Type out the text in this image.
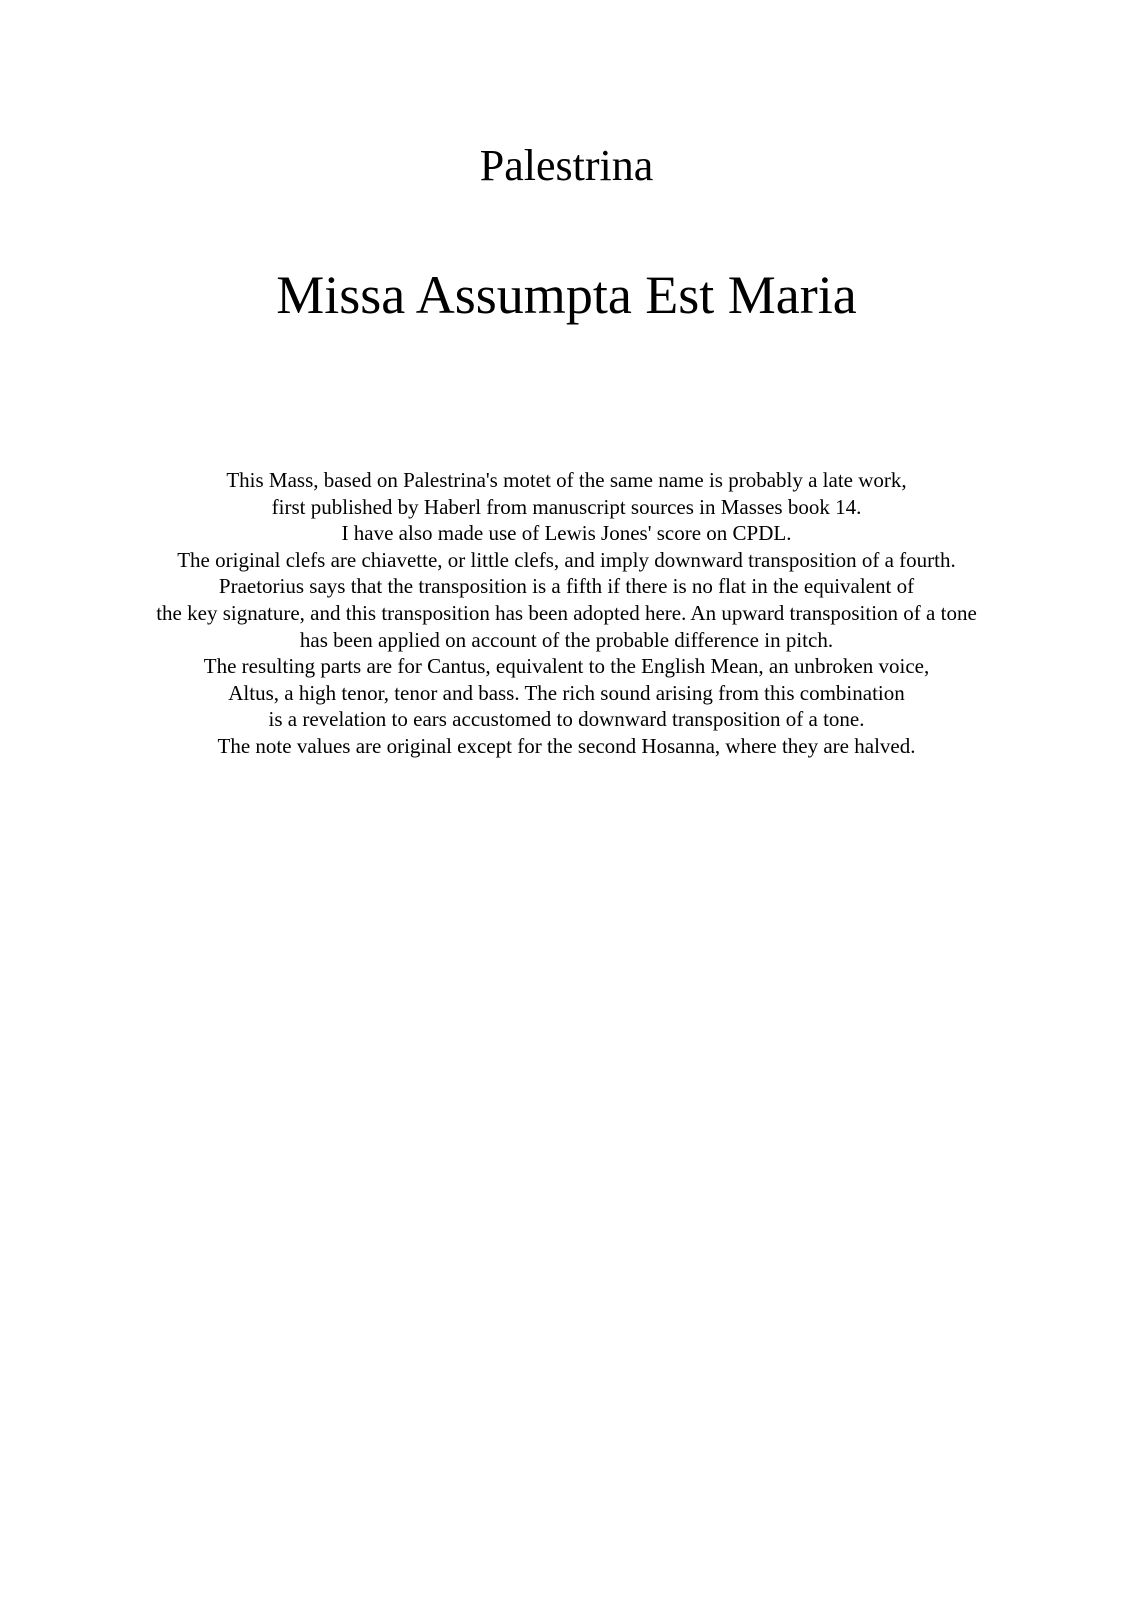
Palestrina
Missa Assumpta Est Maria
This Mass, based on Palestrina's motet of the same name is probably a late work,
first published by Haberl from manuscript sources in Masses book 14.
I have also made use of Lewis Jones' score on CPDL.
The original clefs are chiavette, or little clefs, and imply downward transposition of a fourth.
Praetorius says that the transposition is a fifth if there is no flat in the equivalent of
the key signature, and this transposition has been adopted here. An upward transposition of a tone
has been applied on account of the probable difference in pitch.
The resulting parts are for Cantus, equivalent to the English Mean, an unbroken voice,
Altus, a high tenor, tenor and bass. The rich sound arising from this combination
is a revelation to ears accustomed to downward transposition of a tone.
The note values are original except for the second Hosanna, where they are halved.
